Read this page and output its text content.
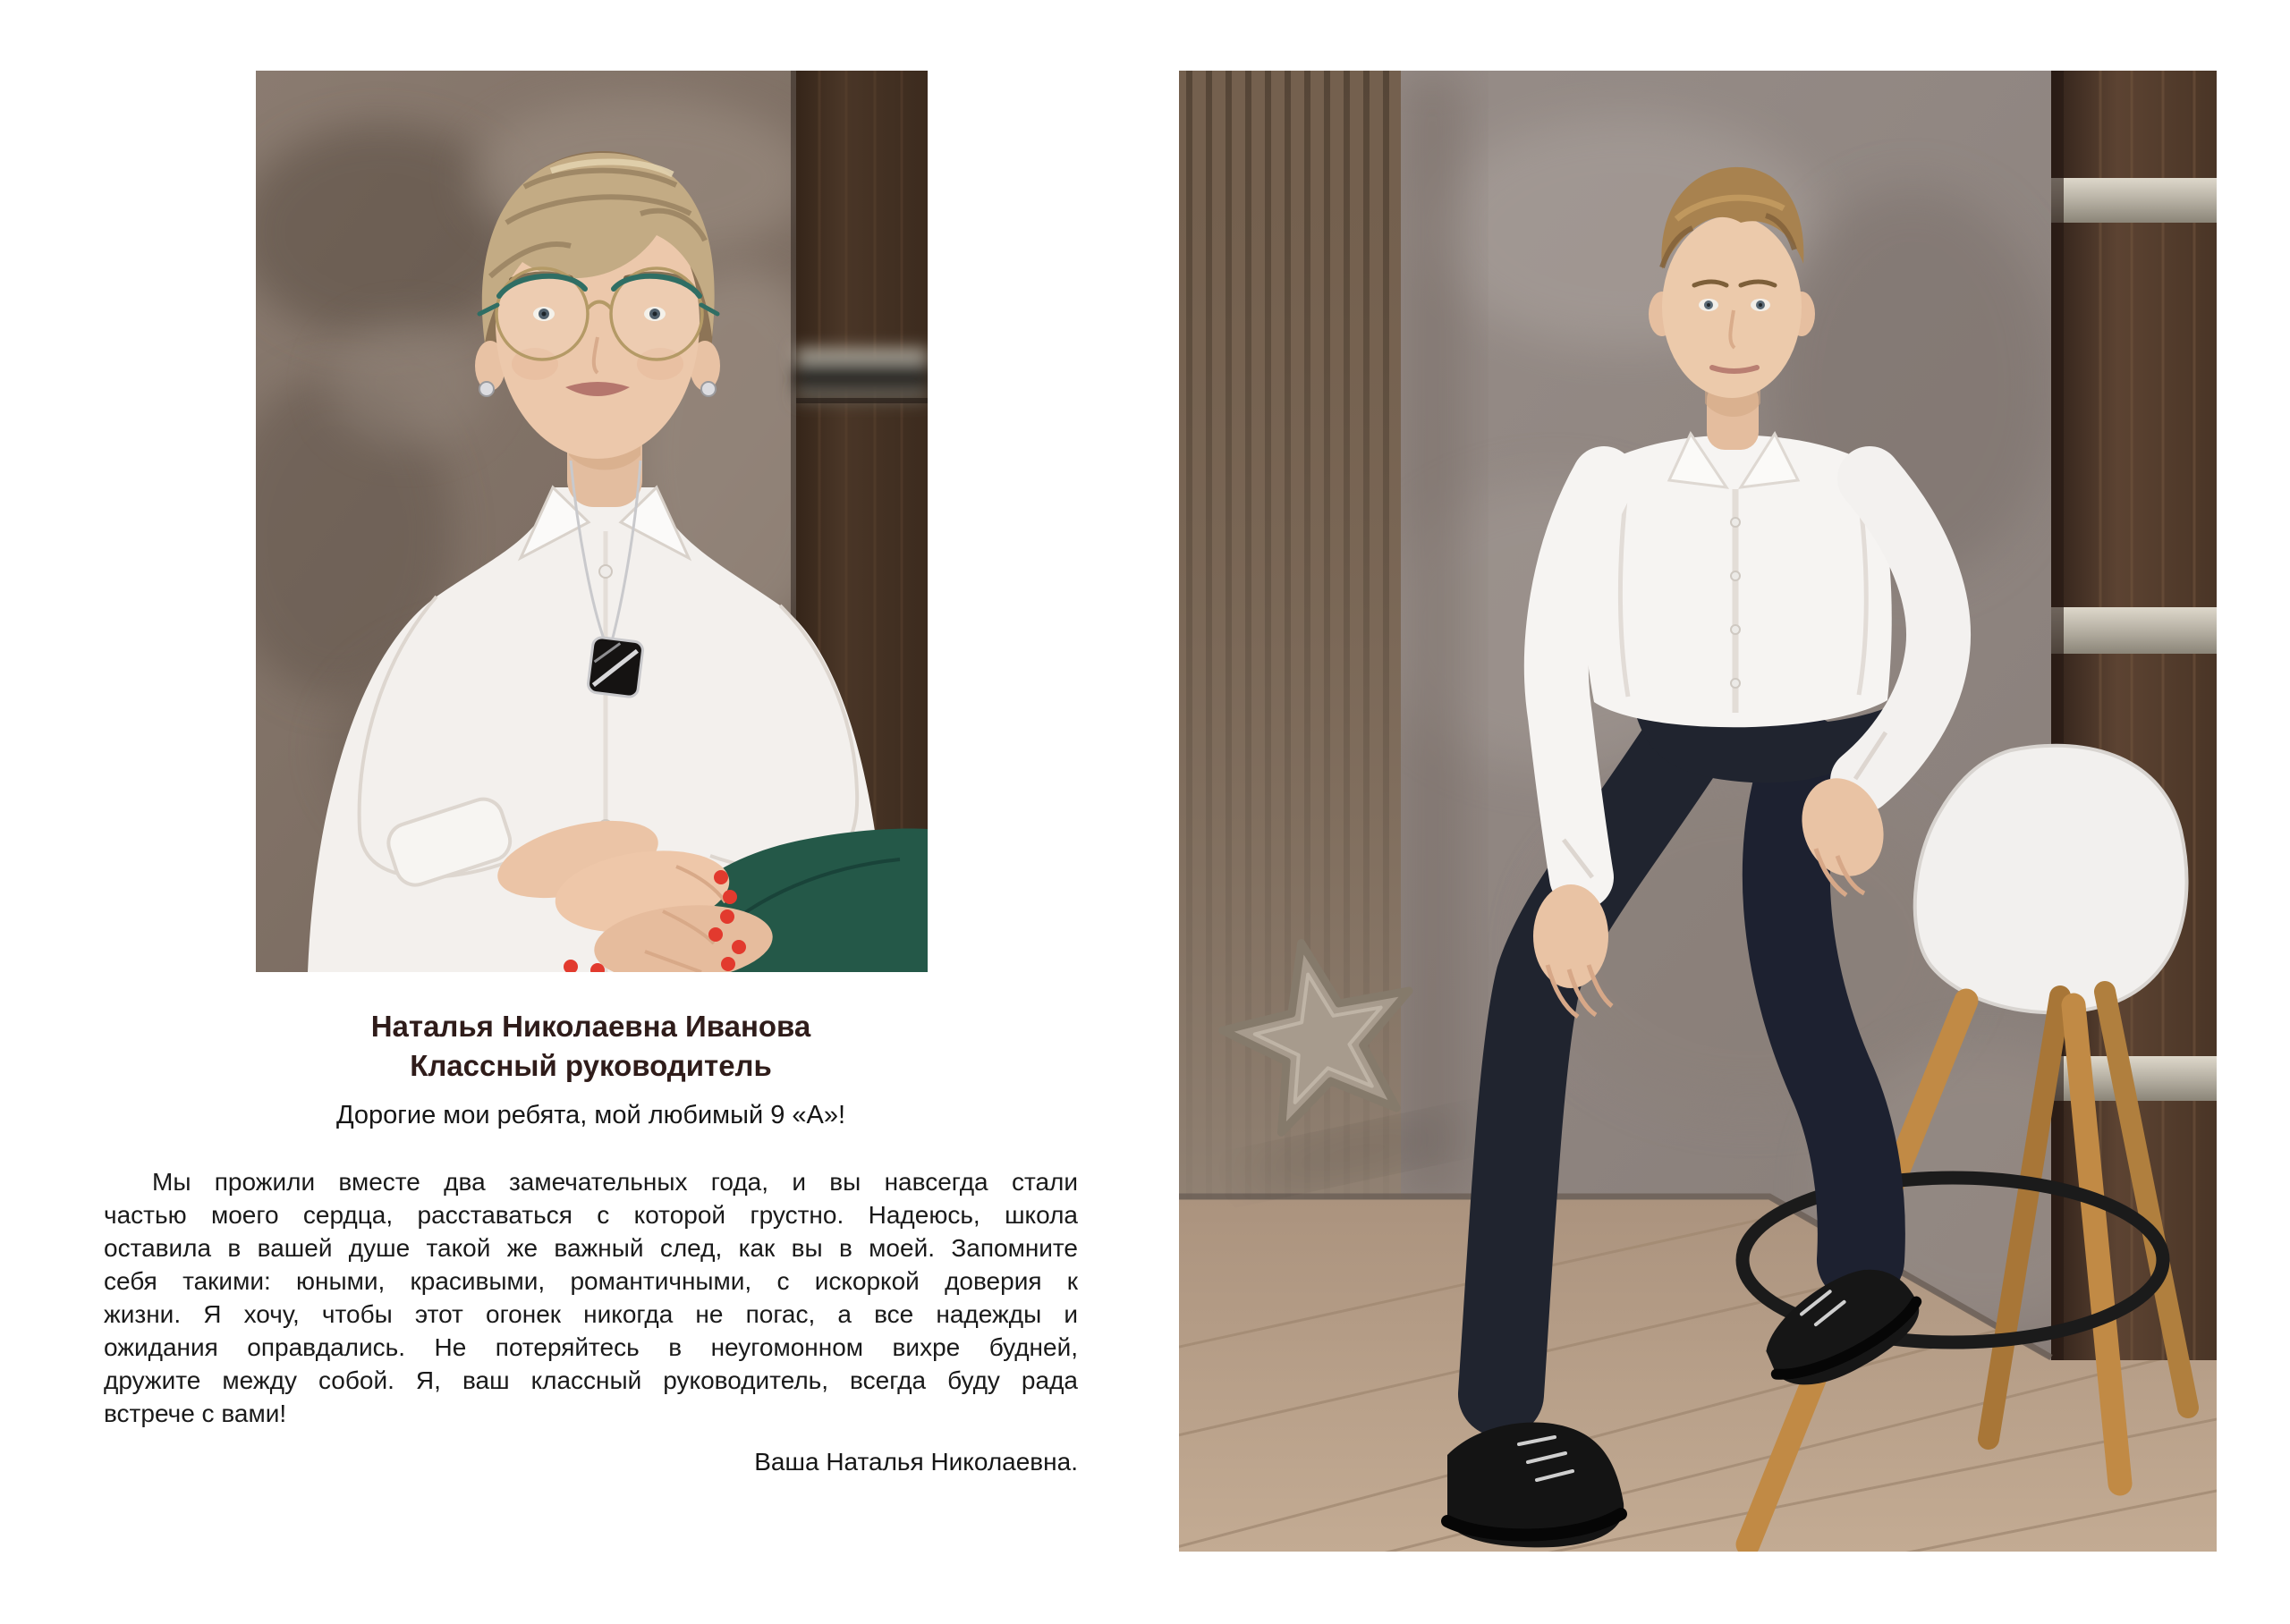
Наталья Николаевна Иванова
Классный руководитель
Дорогие мои ребята, мой любимый 9 «А»!
Мы прожили вместе два замечательных года, и вы навсегда стали
частью моего сердца, расставаться с которой грустно. Надеюсь, школа
оставила в вашей душе такой же важный след, как вы в моей. Запомните
себя такими: юными, красивыми, романтичными, с искоркой доверия к
жизни. Я хочу, чтобы этот огонек никогда не погас, а все надежды и
ожидания оправдались. Не потеряйтесь в неугомонном вихре будней,
дружите между собой. Я, ваш классный руководитель, всегда буду рада
встрече с вами!
Ваша Наталья Николаевна.
